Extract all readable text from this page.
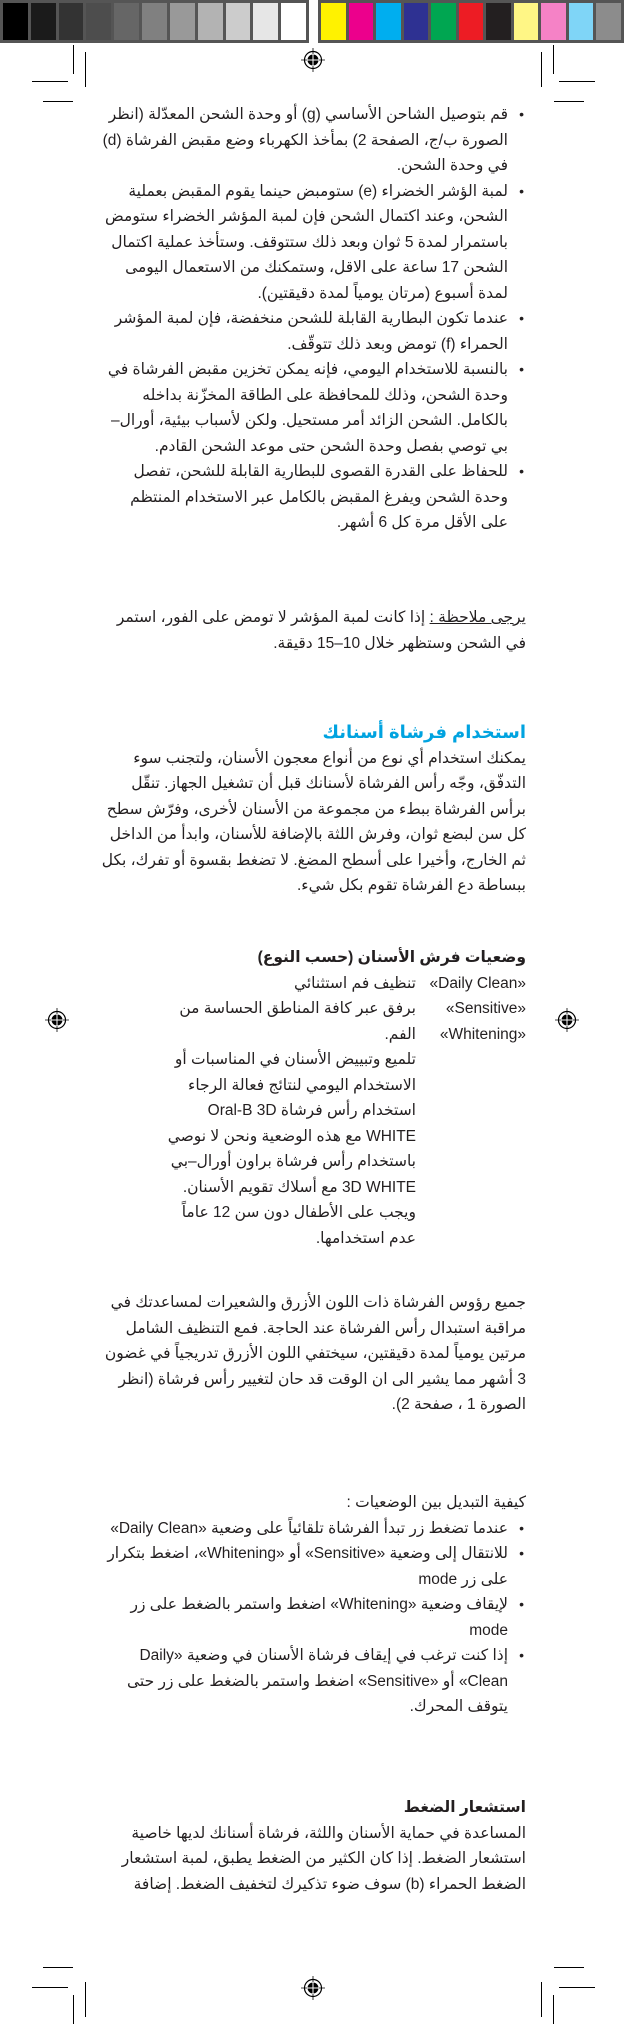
• قم بتوصيل الشاحن الأساسي (g) أو وحدة الشحن المعدّلة (انظر الصورة ب/ج، الصفحة 2) بمأخذ الكهرباء وضع مقبض الفرشاة (d) في وحدة الشحن.
• لمبة الؤشر الخضراء (e) ستومبض حينما يقوم المقبض بعملية الشحن، وعند اكتمال الشحن فإن لمبة المؤشر الخضراء ستومض باستمرار لمدة 5 ثوان وبعد ذلك ستتوقف. وستأخذ عملية اكتمال الشحن 17 ساعة على الاقل، وستمكنك من الاستعمال اليومى لمدة أسبوع (مرتان يومياً لمدة دقيقتين).
• عندما تكون البطارية القابلة للشحن منخفضة، فإن لمبة المؤشر الحمراء (f) تومض وبعد ذلك تتوقّف.
• بالنسبة للاستخدام اليومي، فإنه يمكن تخزين مقبض الفرشاة في وحدة الشحن، وذلك للمحافظة على الطاقة المخزّنة بداخله بالكامل. الشحن الزائد أمر مستحيل. ولكن لأسباب بيئية، أورال–بي توصي بفصل وحدة الشحن حتى موعد الشحن القادم.
• للحفاظ على القدرة القصوى للبطارية القابلة للشحن، تفصل وحدة الشحن ويفرغ المقبض بالكامل عبر الاستخدام المنتظم على الأقل مرة كل 6 أشهر.

يرجى ملاحظة : إذا كانت لمبة المؤشر لا تومض على الفور، استمر في الشحن وستظهر خلال 10–15 دقيقة.

استخدام فرشاة أسنانك

يمكنك استخدام أي نوع من أنواع معجون الأسنان، ولتجنب سوء التدفّق، وجّه رأس الفرشاة لأسنانك قبل أن تشغيل الجهاز. تنقّل برأس الفرشاة ببطء من مجموعة من الأسنان لأخرى، وفرّش سطح كل سن لبضع ثوان، وفرش اللثة بالإضافة للأسنان، وابدأ من الداخل ثم الخارج، وأخيرا على أسطح المضغ. لا تضغط بقسوة أو تفرك، بكل ببساطة دع الفرشاة تقوم بكل شيء.

وضعيات فرش الأسنان (حسب النوع)

«Daily Clean»
«Sensitive»
«Whitening»

تنظيف فم استثنائي

برفق عبر كافة المناطق الحساسة من الفم.

تلميع وتبييض الأسنان في المناسبات أو الاستخدام اليومي لنتائج فعالة الرجاء استخدام رأس فرشاة Oral-B 3D WHITE مع هذه الوضعية ونحن لا نوصي باستخدام رأس فرشاة براون أورال–بي 3D WHITE مع أسلاك تقويم الأسنان. ويجب على الأطفال دون سن 12 عاماً عدم استخدامها.

جميع رؤوس الفرشاة ذات اللون الأزرق والشعيرات لمساعدتك في مراقبة استبدال رأس الفرشاة عند الحاجة. فمع التنظيف الشامل مرتين يومياً لمدة دقيقتين، سيختفي اللون الأزرق تدريجياً في غضون 3 أشهر مما يشير الى ان الوقت قد حان لتغيير رأس فرشاة (انظر الصورة 1 ، صفحة 2).

كيفية التبديل بين الوضعيات :

• عندما تضغط زر تبدأ الفرشاة تلقائياً على وضعية «Daily Clean»
• للانتقال إلى وضعية «Sensitive» أو «Whitening»، اضغط بتكرار على زر mode
• لإيقاف وضعية «Whitening» اضغط واستمر بالضغط على زر mode
• إذا كنت ترغب في إيقاف فرشاة الأسنان في وضعية «Daily Clean» أو «Sensitive» اضغط واستمر بالضغط على زر حتى يتوقف المحرك.

استشعار الضغط

المساعدة في حماية الأسنان واللثة، فرشاة أسنانك لديها خاصية استشعار الضغط. إذا كان الكثير من الضغط يطبق، لمبة استشعار الضغط الحمراء (b) سوف ضوء تذكيرك لتخفيف الضغط. إضافة
